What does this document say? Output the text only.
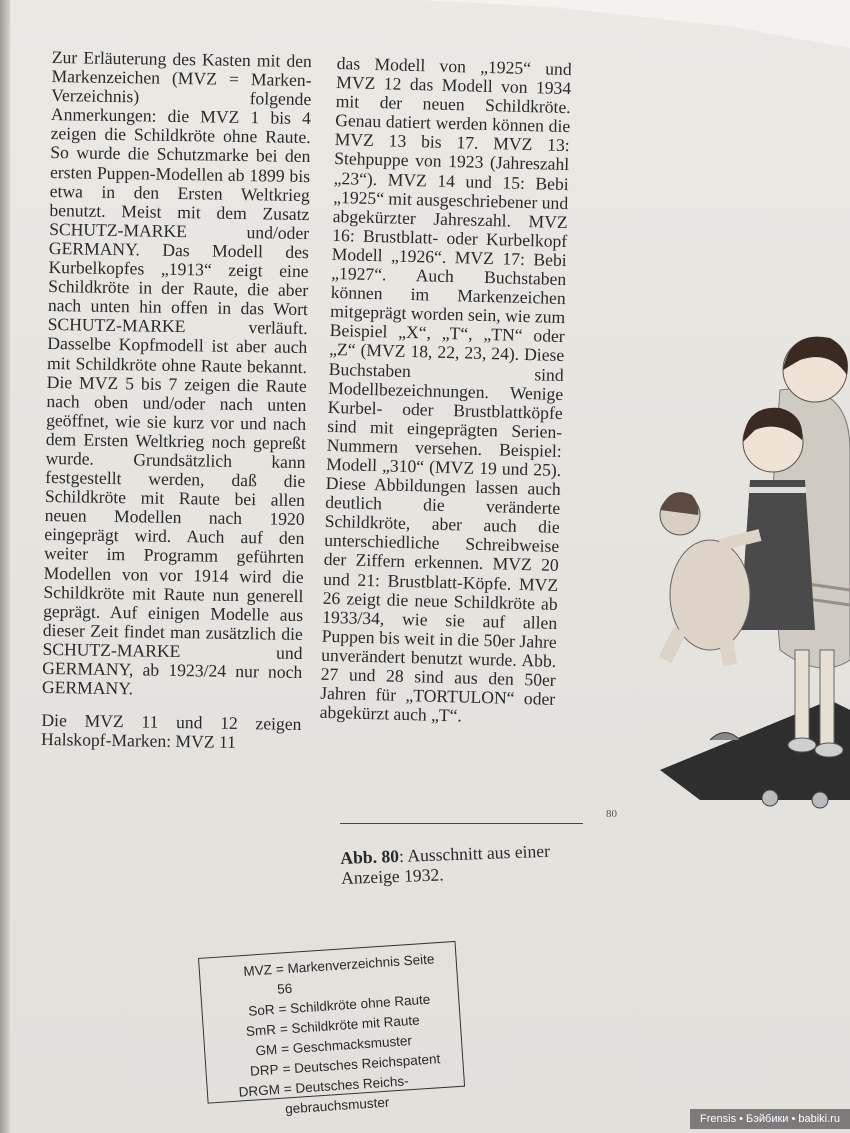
Zur Erläuterung des Kasten mit den Markenzeichen (MVZ = Marken-Verzeichnis) folgende Anmerkungen: die MVZ 1 bis 4 zeigen die Schildkröte ohne Raute. So wurde die Schutzmarke bei den ersten Puppen-Modellen ab 1899 bis etwa in den Ersten Weltkrieg benutzt. Meist mit dem Zusatz SCHUTZ-MARKE und/oder GERMANY. Das Modell des Kurbelkopfes „1913“ zeigt eine Schildkröte in der Raute, die aber nach unten hin offen in das Wort SCHUTZ-MARKE verläuft. Dasselbe Kopfmodell ist aber auch mit Schildkröte ohne Raute bekannt. Die MVZ 5 bis 7 zeigen die Raute nach oben und/oder nach unten geöffnet, wie sie kurz vor und nach dem Ersten Weltkrieg noch gepreßt wurde. Grundsätzlich kann festgestellt werden, daß die Schildkröte mit Raute bei allen neuen Modellen nach 1920 eingeprägt wird. Auch auf den weiter im Programm geführten Modellen von vor 1914 wird die Schildkröte mit Raute nun generell geprägt. Auf einigen Modelle aus dieser Zeit findet man zusätzlich die SCHUTZ-MARKE und GERMANY, ab 1923/24 nur noch GERMANY.

Die MVZ 11 und 12 zeigen Halskopf-Marken: MVZ 11

das Modell von „1925“ und MVZ 12 das Modell von 1934 mit der neuen Schildkröte. Genau datiert werden können die MVZ 13 bis 17. MVZ 13: Stehpuppe von 1923 (Jahreszahl „23“). MVZ 14 und 15: Bebi „1925“ mit ausgeschriebener und abgekürzter Jahreszahl. MVZ 16: Brustblatt- oder Kurbelkopf Modell „1926“. MVZ 17: Bebi „1927“. Auch Buchstaben können im Markenzeichen mitgeprägt worden sein, wie zum Beispiel „X“, „T“, „TN“ oder „Z“ (MVZ 18, 22, 23, 24). Diese Buchstaben sind Modellbezeichnungen. Wenige Kurbel- oder Brustblattköpfe sind mit eingeprägten Serien-Nummern versehen. Beispiel: Modell „310“ (MVZ 19 und 25). Diese Abbildungen lassen auch deutlich die veränderte Schildkröte, aber auch die unterschiedliche Schreibweise der Ziffern erkennen. MVZ 20 und 21: Brustblatt-Köpfe. MVZ 26 zeigt die neue Schildkröte ab 1933/34, wie sie auf allen Puppen bis weit in die 50er Jahre unverändert benutzt wurde. Abb. 27 und 28 sind aus den 50er Jahren für „TORTULON“ oder abgekürzt auch „T“.

80
Abb. 80: Ausschnitt aus einer Anzeige 1932.
MVZ = Markenverzeichnis Seite 56
SoR = Schildkröte ohne Raute
SmR = Schildkröte mit Raute
GM = Geschmacksmuster
DRP = Deutsches Reichspatent
DRGM = Deutsches Reichs-
gebrauchsmuster
Frensis • Бэйбики • babiki.ru
